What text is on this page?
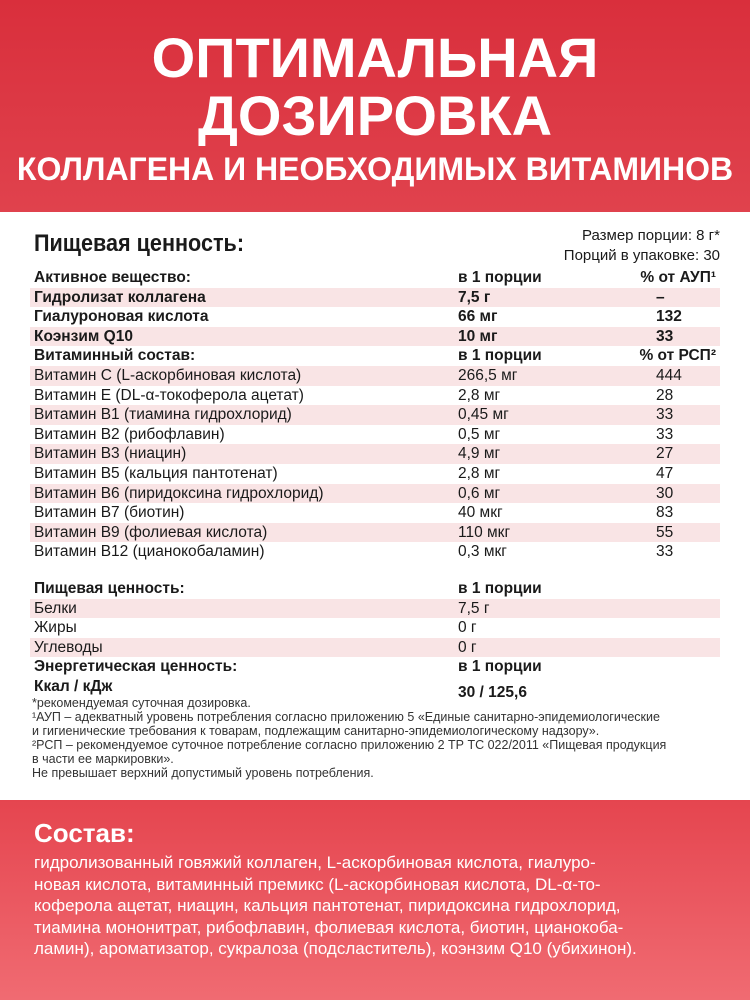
ОПТИМАЛЬНАЯ
ДОЗИРОВКА
КОЛЛАГЕНА И НЕОБХОДИМЫХ ВИТАМИНОВ
Пищевая ценность:	Размер порции: 8 г*
Порций в упаковке: 30
Активное вещество:	в 1 порции	% от АУП¹
Гидролизат коллагена	7,5 г	–
Гиалуроновая кислота	66 мг	132
Коэнзим Q10	10 мг	33
Витаминный состав:	в 1 порции	% от РСП²
Витамин C (L-аскорбиновая кислота)	266,5 мг	444
Витамин E (DL-α-токоферола ацетат)	2,8 мг	28
Витамин B1 (тиамина гидрохлорид)	0,45 мг	33
Витамин B2 (рибофлавин)	0,5 мг	33
Витамин B3 (ниацин)	4,9 мг	27
Витамин B5 (кальция пантотенат)	2,8 мг	47
Витамин B6 (пиридоксина гидрохлорид)	0,6 мг	30
Витамин B7 (биотин)	40 мкг	83
Витамин B9 (фолиевая кислота)	110 мкг	55
Витамин B12 (цианокобаламин)	0,3 мкг	33
Пищевая ценность:	в 1 порции
Белки	7,5 г
Жиры	0 г
Углеводы	0 г
Энергетическая ценность:	в 1 порции
Ккал / кДж	30 / 125,6
*рекомендуемая суточная дозировка.
¹АУП – адекватный уровень потребления согласно приложению 5 «Единые санитарно-эпидемиологические
и гигиенические требования к товарам, подлежащим санитарно-эпидемиологическому надзору».
²РСП – рекомендуемое суточное потребление согласно приложению 2 ТР ТС 022/2011 «Пищевая продукция
в части ее маркировки».
Не превышает верхний допустимый уровень потребления.
Состав:
гидролизованный говяжий коллаген, L-аскорбиновая кислота, гиалуро-
новая кислота, витаминный премикс (L-аскорбиновая кислота, DL-α-то-
коферола ацетат, ниацин, кальция пантотенат, пиридоксина гидрохлорид,
тиамина мононитрат, рибофлавин, фолиевая кислота, биотин, цианокоба-
ламин), ароматизатор, сукралоза (подсластитель), коэнзим Q10 (убихинон).
